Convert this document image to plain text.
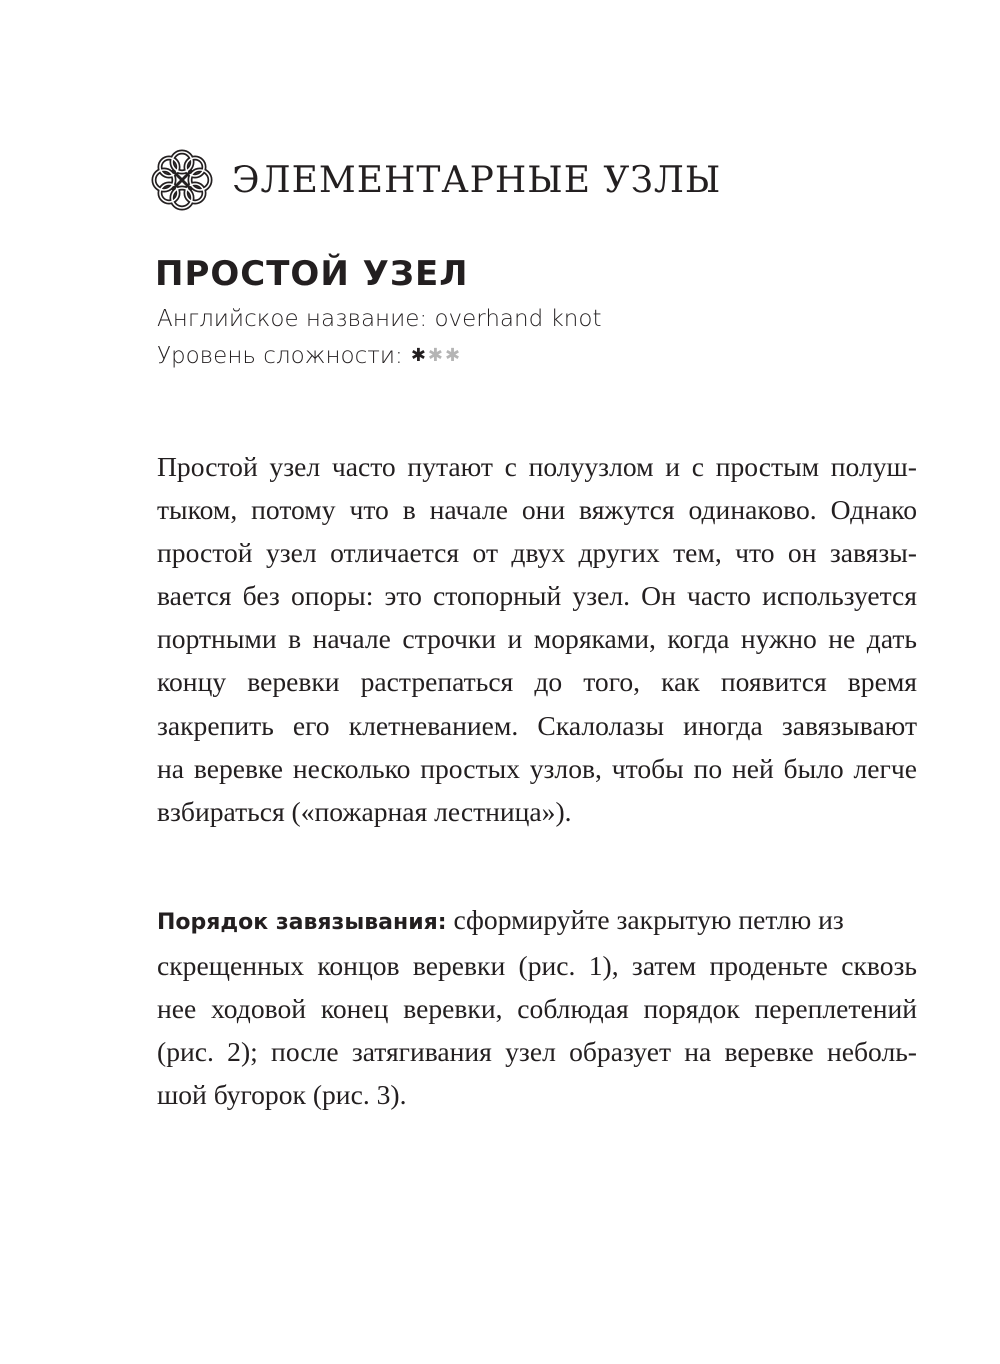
ЭЛЕМЕНТАРНЫЕ УЗЛЫ
ПРОСТОЙ УЗЕЛ
Английское название: overhand knot
Уровень сложности: ✱ ✱ ✱

Простой узел часто путают с полуузлом и с простым полуш-
тыком, потому что в начале они вяжутся одинаково. Однако
простой узел отличается от двух других тем, что он завязы-
вается без опоры: это стопорный узел. Он часто используется
портными в начале строчки и моряками, когда нужно не дать
концу веревки растрепаться до того, как появится время
закрепить его клетневанием. Скалолазы иногда завязывают
на веревке несколько простых узлов, чтобы по ней было легче
взбираться («пожарная лестница»).

Порядок завязывания: сформируйте закрытую петлю из
скрещенных концов веревки (рис. 1), затем проденьте сквозь
нее ходовой конец веревки, соблюдая порядок переплетений
(рис. 2); после затягивания узел образует на веревке неболь-
шой бугорок (рис. 3).
